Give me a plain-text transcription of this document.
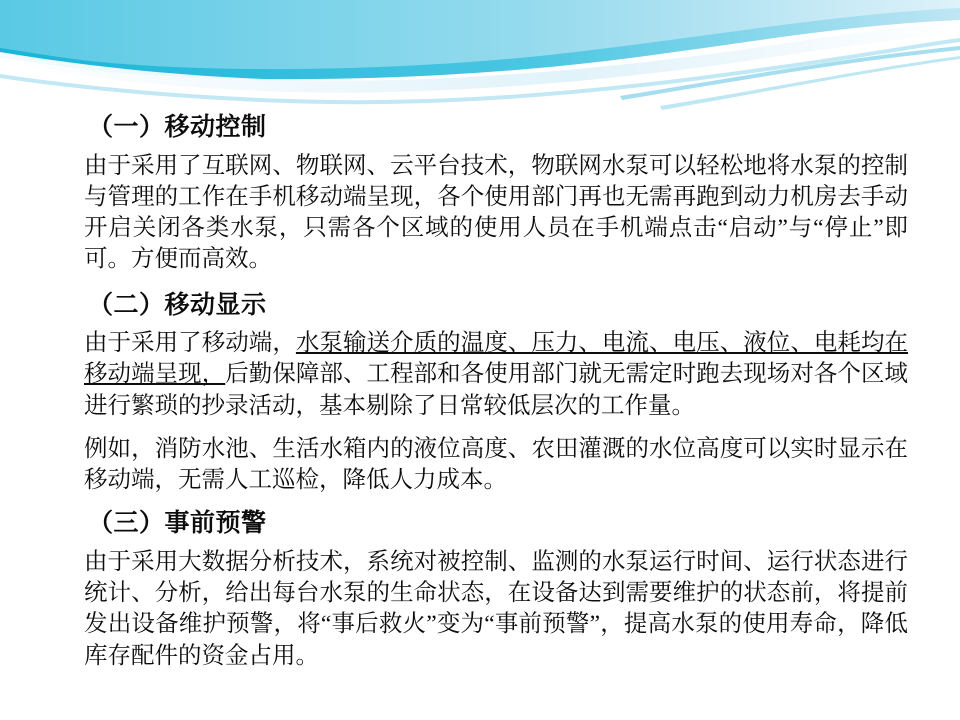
（一）移动控制

由于采用了互联网、物联网、云平台技术，物联网水泵可以轻松地将水泵的控制与管理的工作在手机移动端呈现，各个使用部门再也无需再跑到动力机房去手动开启关闭各类水泵，只需各个区域的使用人员在手机端点击“启动”与“停止”即可。方便而高效。

（二）移动显示

由于采用了移动端，水泵输送介质的温度、压力、电流、电压、液位、电耗均在移动端呈现，后勤保障部、工程部和各使用部门就无需定时跑去现场对各个区域进行繁琐的抄录活动，基本剔除了日常较低层次的工作量。

例如，消防水池、生活水箱内的液位高度、农田灌溉的水位高度可以实时显示在移动端，无需人工巡检，降低人力成本。

（三）事前预警

由于采用大数据分析技术，系统对被控制、监测的水泵运行时间、运行状态进行统计、分析，给出每台水泵的生命状态，在设备达到需要维护的状态前，将提前发出设备维护预警，将“事后救火”变为“事前预警”，提高水泵的使用寿命，降低库存配件的资金占用。
